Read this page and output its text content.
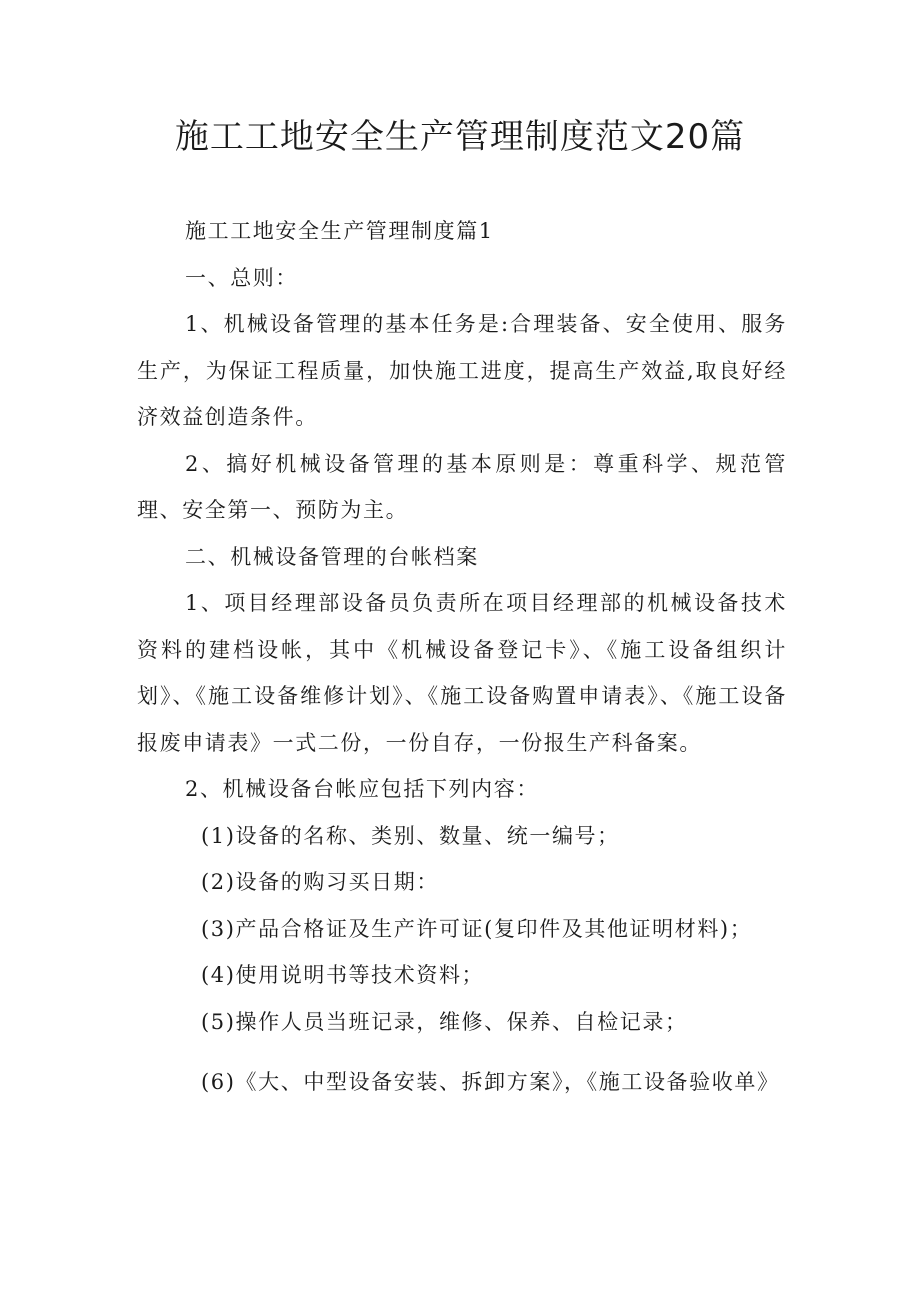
施工工地安全生产管理制度范文20篇

施工工地安全生产管理制度篇1

一、总则：

1、机械设备管理的基本任务是:合理装备、安全使用、服务生产，为保证工程质量，加快施工进度，提高生产效益,取良好经济效益创造条件。

2、搞好机械设备管理的基本原则是：尊重科学、规范管理、安全第一、预防为主。

二、机械设备管理的台帐档案

1、项目经理部设备员负责所在项目经理部的机械设备技术资料的建档设帐，其中《机械设备登记卡》、《施工设备组织计划》、《施工设备维修计划》、《施工设备购置申请表》、《施工设备报废申请表》一式二份，一份自存，一份报生产科备案。

2、机械设备台帐应包括下列内容：

(1)设备的名称、类别、数量、统一编号；

(2)设备的购习买日期：

(3)产品合格证及生产许可证(复印件及其他证明材料)；

(4)使用说明书等技术资料；

(5)操作人员当班记录，维修、保养、自检记录；

(6)《大、中型设备安装、拆卸方案》，《施工设备验收单》
